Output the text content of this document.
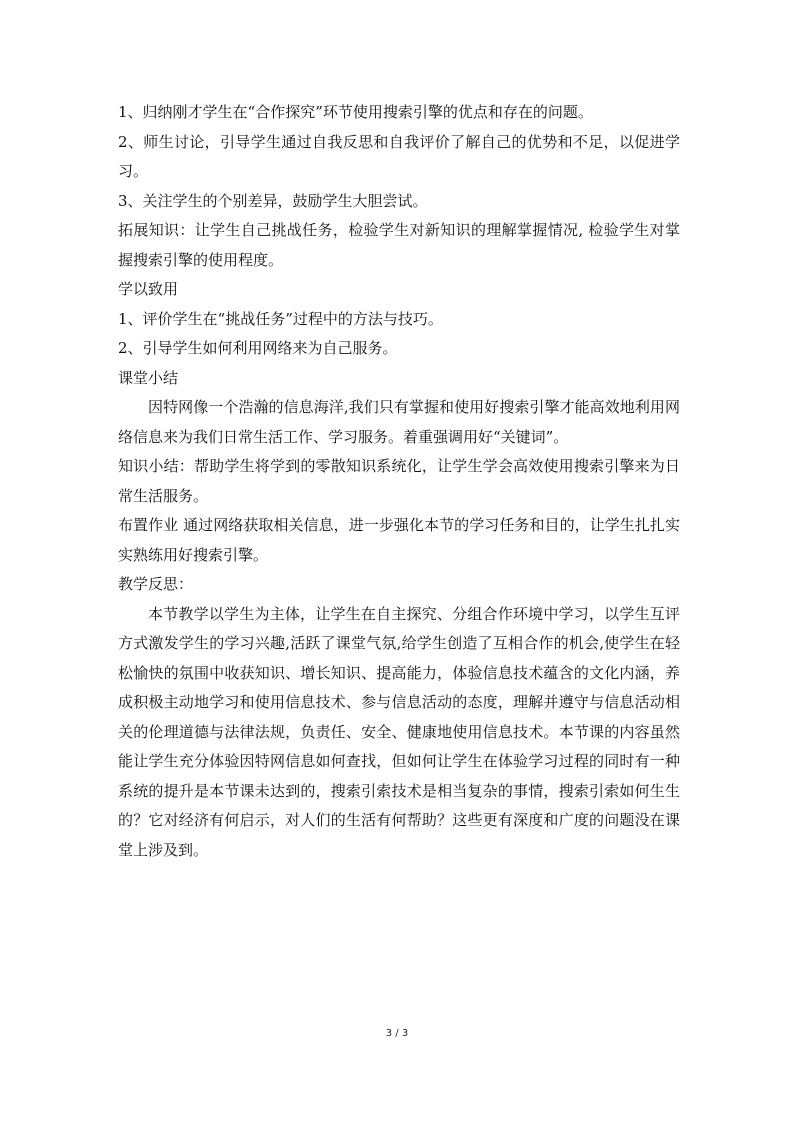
1、归纳刚才学生在“合作探究”环节使用搜索引擎的优点和存在的问题。

2、师生讨论，引导学生通过自我反思和自我评价了解自己的优势和不足，以促进学习。

3、关注学生的个别差异，鼓励学生大胆尝试。

拓展知识：让学生自己挑战任务，检验学生对新知识的理解掌握情况, 检验学生对掌握搜索引擎的使用程度。

学以致用

1、评价学生在“挑战任务”过程中的方法与技巧。

2、引导学生如何利用网络来为自己服务。

课堂小结

因特网像一个浩瀚的信息海洋,我们只有掌握和使用好搜索引擎才能高效地利用网络信息来为我们日常生活工作、学习服务。着重强调用好“关键词”。

知识小结：帮助学生将学到的零散知识系统化，让学生学会高效使用搜索引擎来为日常生活服务。

布置作业 通过网络获取相关信息，进一步强化本节的学习任务和目的，让学生扎扎实实熟练用好搜索引擎。

教学反思：

本节教学以学生为主体，让学生在自主探究、分组合作环境中学习，以学生互评方式激发学生的学习兴趣,活跃了课堂气氛,给学生创造了互相合作的机会,使学生在轻松愉快的氛围中收获知识、增长知识、提高能力，体验信息技术蕴含的文化内涵，养成积极主动地学习和使用信息技术、参与信息活动的态度，理解并遵守与信息活动相关的伦理道德与法律法规，负责任、安全、健康地使用信息技术。本节课的内容虽然能让学生充分体验因特网信息如何查找，但如何让学生在体验学习过程的同时有一种系统的提升是本节课未达到的，搜索引索技术是相当复杂的事情，搜索引索如何生生的？它对经济有何启示，对人们的生活有何帮助？这些更有深度和广度的问题没在课堂上涉及到。

3 / 3
